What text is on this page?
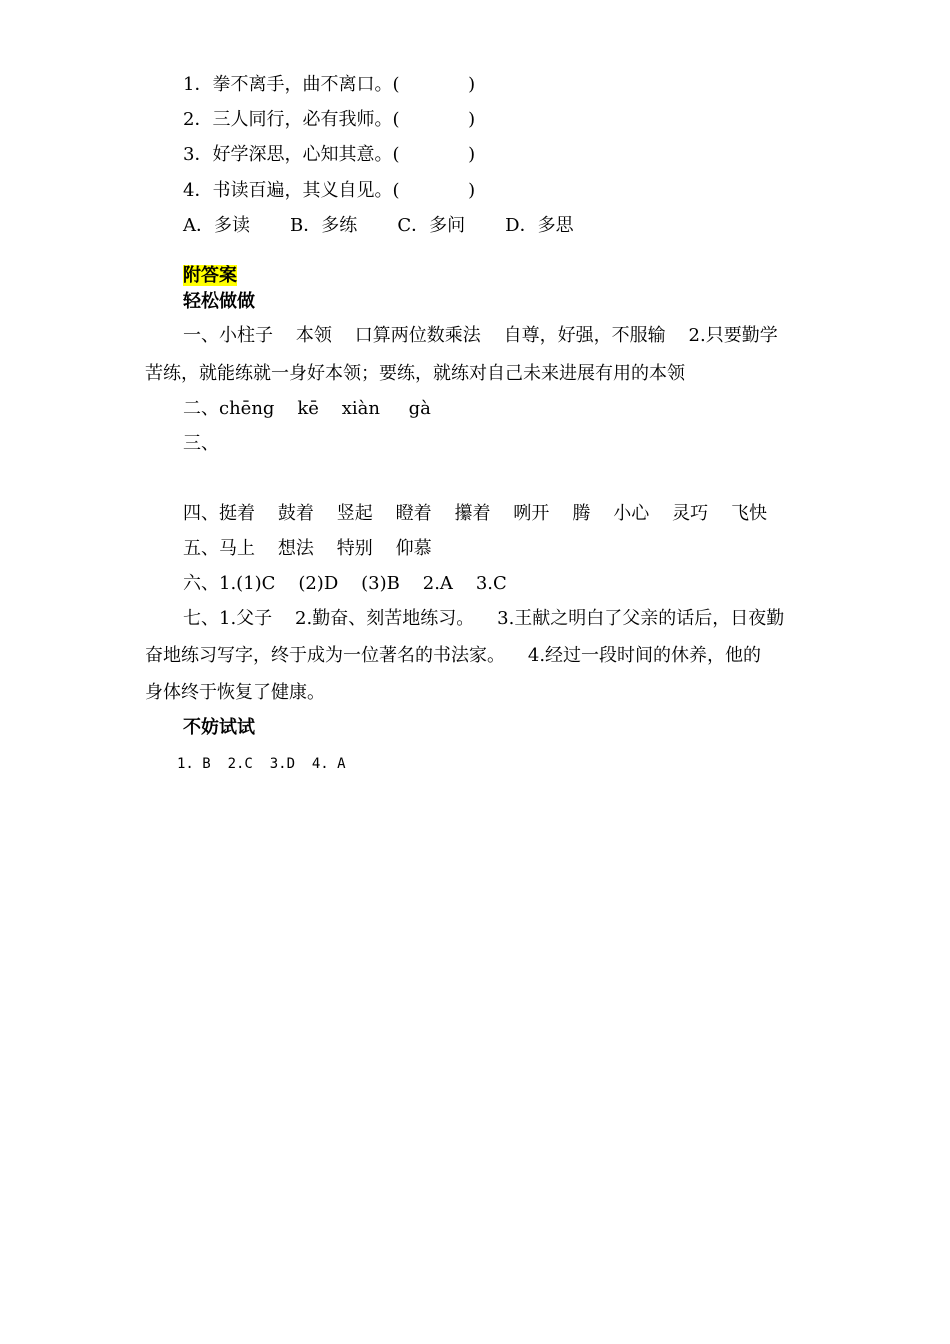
1．拳不离手，曲不离口。(            )
2．三人同行，必有我师。(            )
3．好学深思，心知其意。(            )
4．书读百遍，其义自见。(            )
A．多读       B．多练       C．多问       D．多思
附答案
轻松做做
一、小柱子    本领    口算两位数乘法    自尊，好强，不服输    2.只要勤学
苦练，就能练就一身好本领；要练，就练对自己未来进展有用的本领
二、chēng    kē    xiàn     gà
三、
四、挺着    鼓着    竖起    瞪着    攥着    咧开    腾    小心    灵巧    飞快
五、马上    想法    特别    仰慕
六、1.(1)C    (2)D    (3)B    2.A    3.C
七、1.父子    2.勤奋、刻苦地练习。    3.王献之明白了父亲的话后，日夜勤
奋地练习写字，终于成为一位著名的书法家。    4.经过一段时间的休养，他的
身体终于恢复了健康。
不妨试试
1. B  2.C  3.D  4. A
